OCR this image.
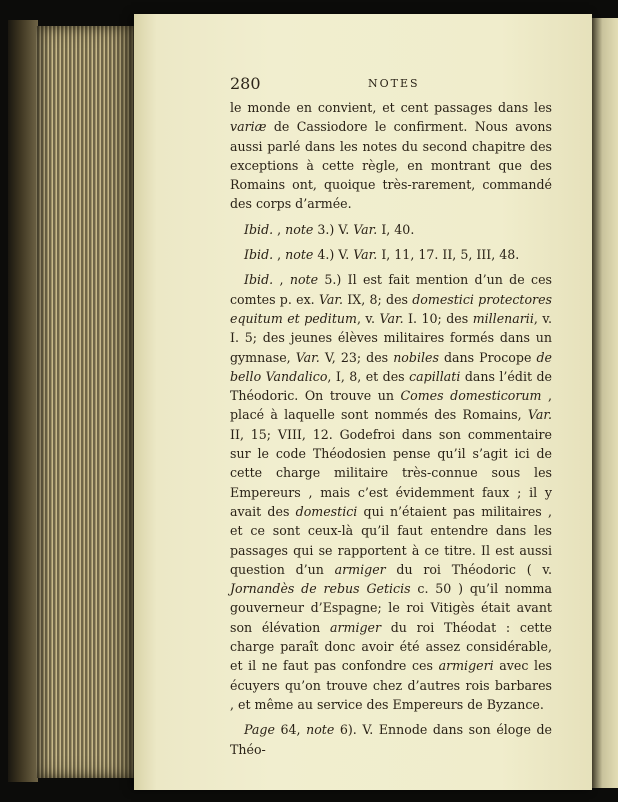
280	NOTES

le monde en convient, et cent passages dans les variæ de Cassiodore le confirment. Nous avons aussi parlé dans les notes du second chapitre des exceptions à cette règle, en montrant que des Romains ont, quoique très-rarement, commandé des corps d’armée.

Ibid. , note 3.) V. Var. I, 40.

Ibid. , note 4.) V. Var. I, 11, 17. II, 5, III, 48.

Ibid. , note 5.) Il est fait mention d’un de ces comtes p. ex. Var. IX, 8; des domestici protectores equitum et peditum, v. Var. I. 10; des millenarii, v. I. 5; des jeunes élèves militaires formés dans un gymnase, Var. V, 23; des nobiles dans Procope de bello Vandalico, I, 8, et des capillati dans l’édit de Théodoric. On trouve un Comes domesticorum , placé à laquelle sont nommés des Romains, Var. II, 15; VIII, 12. Godefroi dans son commentaire sur le code Théodosien pense qu’il s’agit ici de cette charge militaire très-connue sous les Empereurs , mais c’est évidemment faux ; il y avait des domestici qui n’étaient pas militaires , et ce sont ceux-là qu’il faut entendre dans les passages qui se rapportent à ce titre. Il est aussi question d’un armiger du roi Théodoric ( v. Jornandès de rebus Geticis c. 50 ) qu’il nomma gouverneur d’Espagne; le roi Vitigès était avant son élévation armiger du roi Théodat : cette charge paraît donc avoir été assez considérable, et il ne faut pas confondre ces armigeri avec les écuyers qu’on trouve chez d’autres rois barbares , et même au service des Empereurs de Byzance.

Page 64, note 6). V. Ennode dans son éloge de Théo-
